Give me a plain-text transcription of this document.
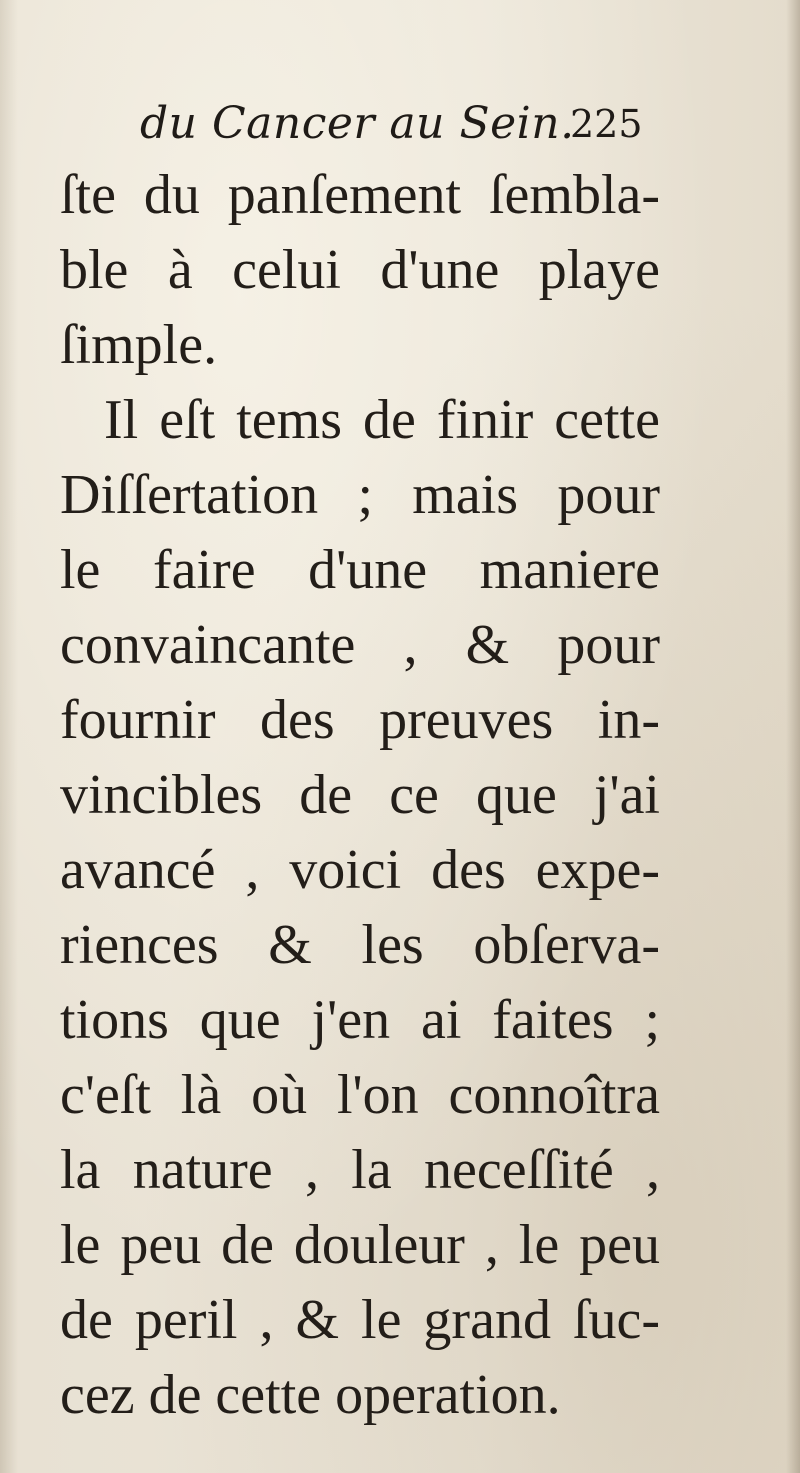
du Cancer au Sein.
225
ſte du panſement ſembla-
ble à celui d'une playe
ſimple.
Il eſt tems de finir cette
Diſſertation ; mais pour
le faire d'une maniere
convaincante , & pour
fournir des preuves in-
vincibles de ce que j'ai
avancé , voici des expe-
riences & les obſerva-
tions que j'en ai faites ;
c'eſt là où l'on connoîtra
la nature , la neceſſité ,
le peu de douleur , le peu
de peril , & le grand ſuc-
cez de cette operation.
